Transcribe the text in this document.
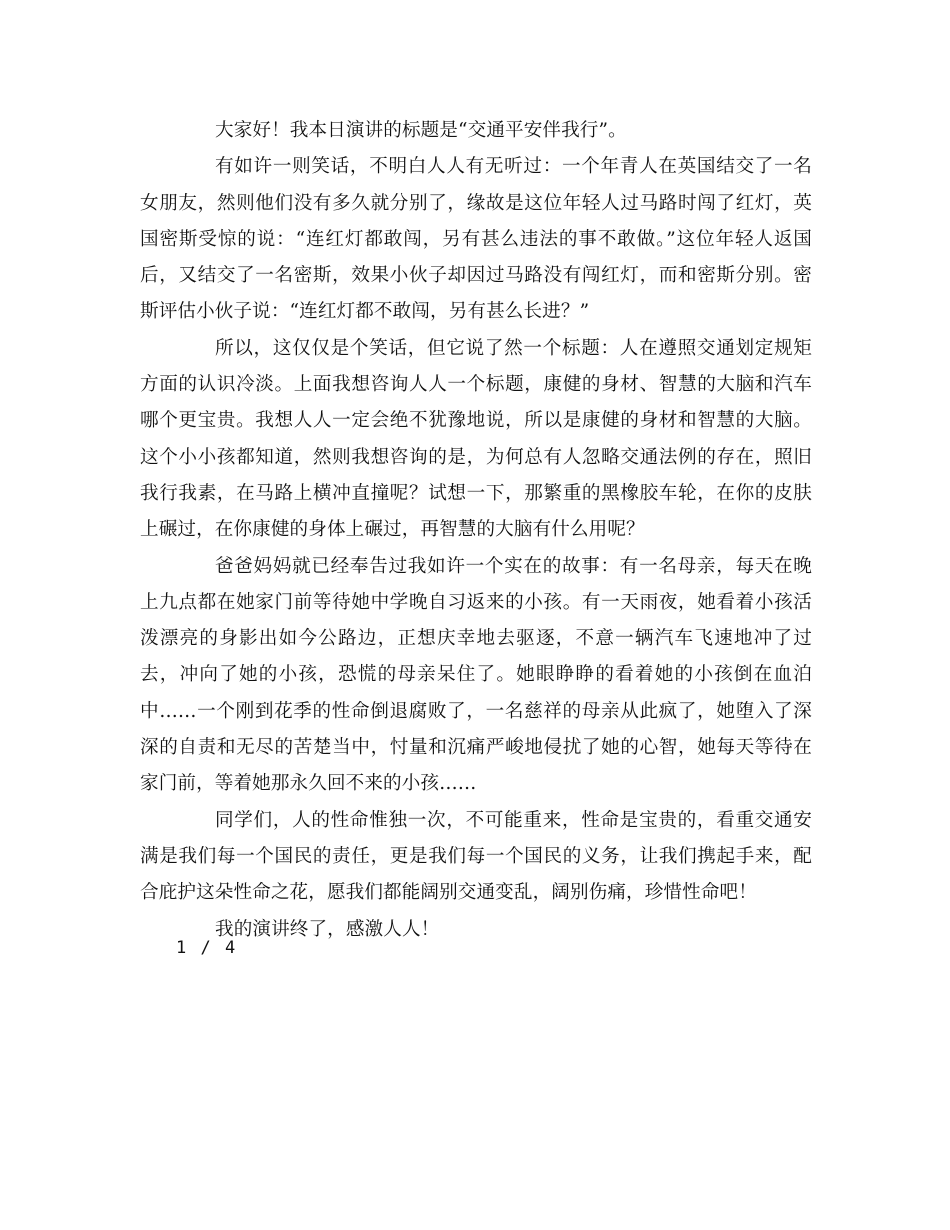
大家好！我本日演讲的标题是“交通平安伴我行”。

有如许一则笑话，不明白人人有无听过：一个年青人在英国结交了一名女朋友，然则他们没有多久就分别了，缘故是这位年轻人过马路时闯了红灯，英国密斯受惊的说：“连红灯都敢闯，另有甚么违法的事不敢做。”这位年轻人返国后，又结交了一名密斯，效果小伙子却因过马路没有闯红灯，而和密斯分别。密斯评估小伙子说：“连红灯都不敢闯，另有甚么长进？”

所以，这仅仅是个笑话，但它说了然一个标题：人在遵照交通划定规矩方面的认识冷淡。上面我想咨询人人一个标题，康健的身材、智慧的大脑和汽车哪个更宝贵。我想人人一定会绝不犹豫地说，所以是康健的身材和智慧的大脑。这个小小孩都知道，然则我想咨询的是，为何总有人忽略交通法例的存在，照旧我行我素，在马路上横冲直撞呢？试想一下，那繁重的黑橡胶车轮，在你的皮肤上碾过，在你康健的身体上碾过，再智慧的大脑有什么用呢？

爸爸妈妈就已经奉告过我如许一个实在的故事：有一名母亲，每天在晚上九点都在她家门前等待她中学晚自习返来的小孩。有一天雨夜，她看着小孩活泼漂亮的身影出如今公路边，正想庆幸地去驱逐，不意一辆汽车飞速地冲了过去，冲向了她的小孩，恐慌的母亲呆住了。她眼睁睁的看着她的小孩倒在血泊中……一个刚到花季的性命倒退腐败了，一名慈祥的母亲从此疯了，她堕入了深深的自责和无尽的苦楚当中，忖量和沉痛严峻地侵扰了她的心智，她每天等待在家门前，等着她那永久回不来的小孩……

同学们，人的性命惟独一次，不可能重来，性命是宝贵的，看重交通安满是我们每一个国民的责任，更是我们每一个国民的义务，让我们携起手来，配合庇护这朵性命之花，愿我们都能阔别交通变乱，阔别伤痛，珍惜性命吧！

我的演讲终了，感激人人！

1 / 4
